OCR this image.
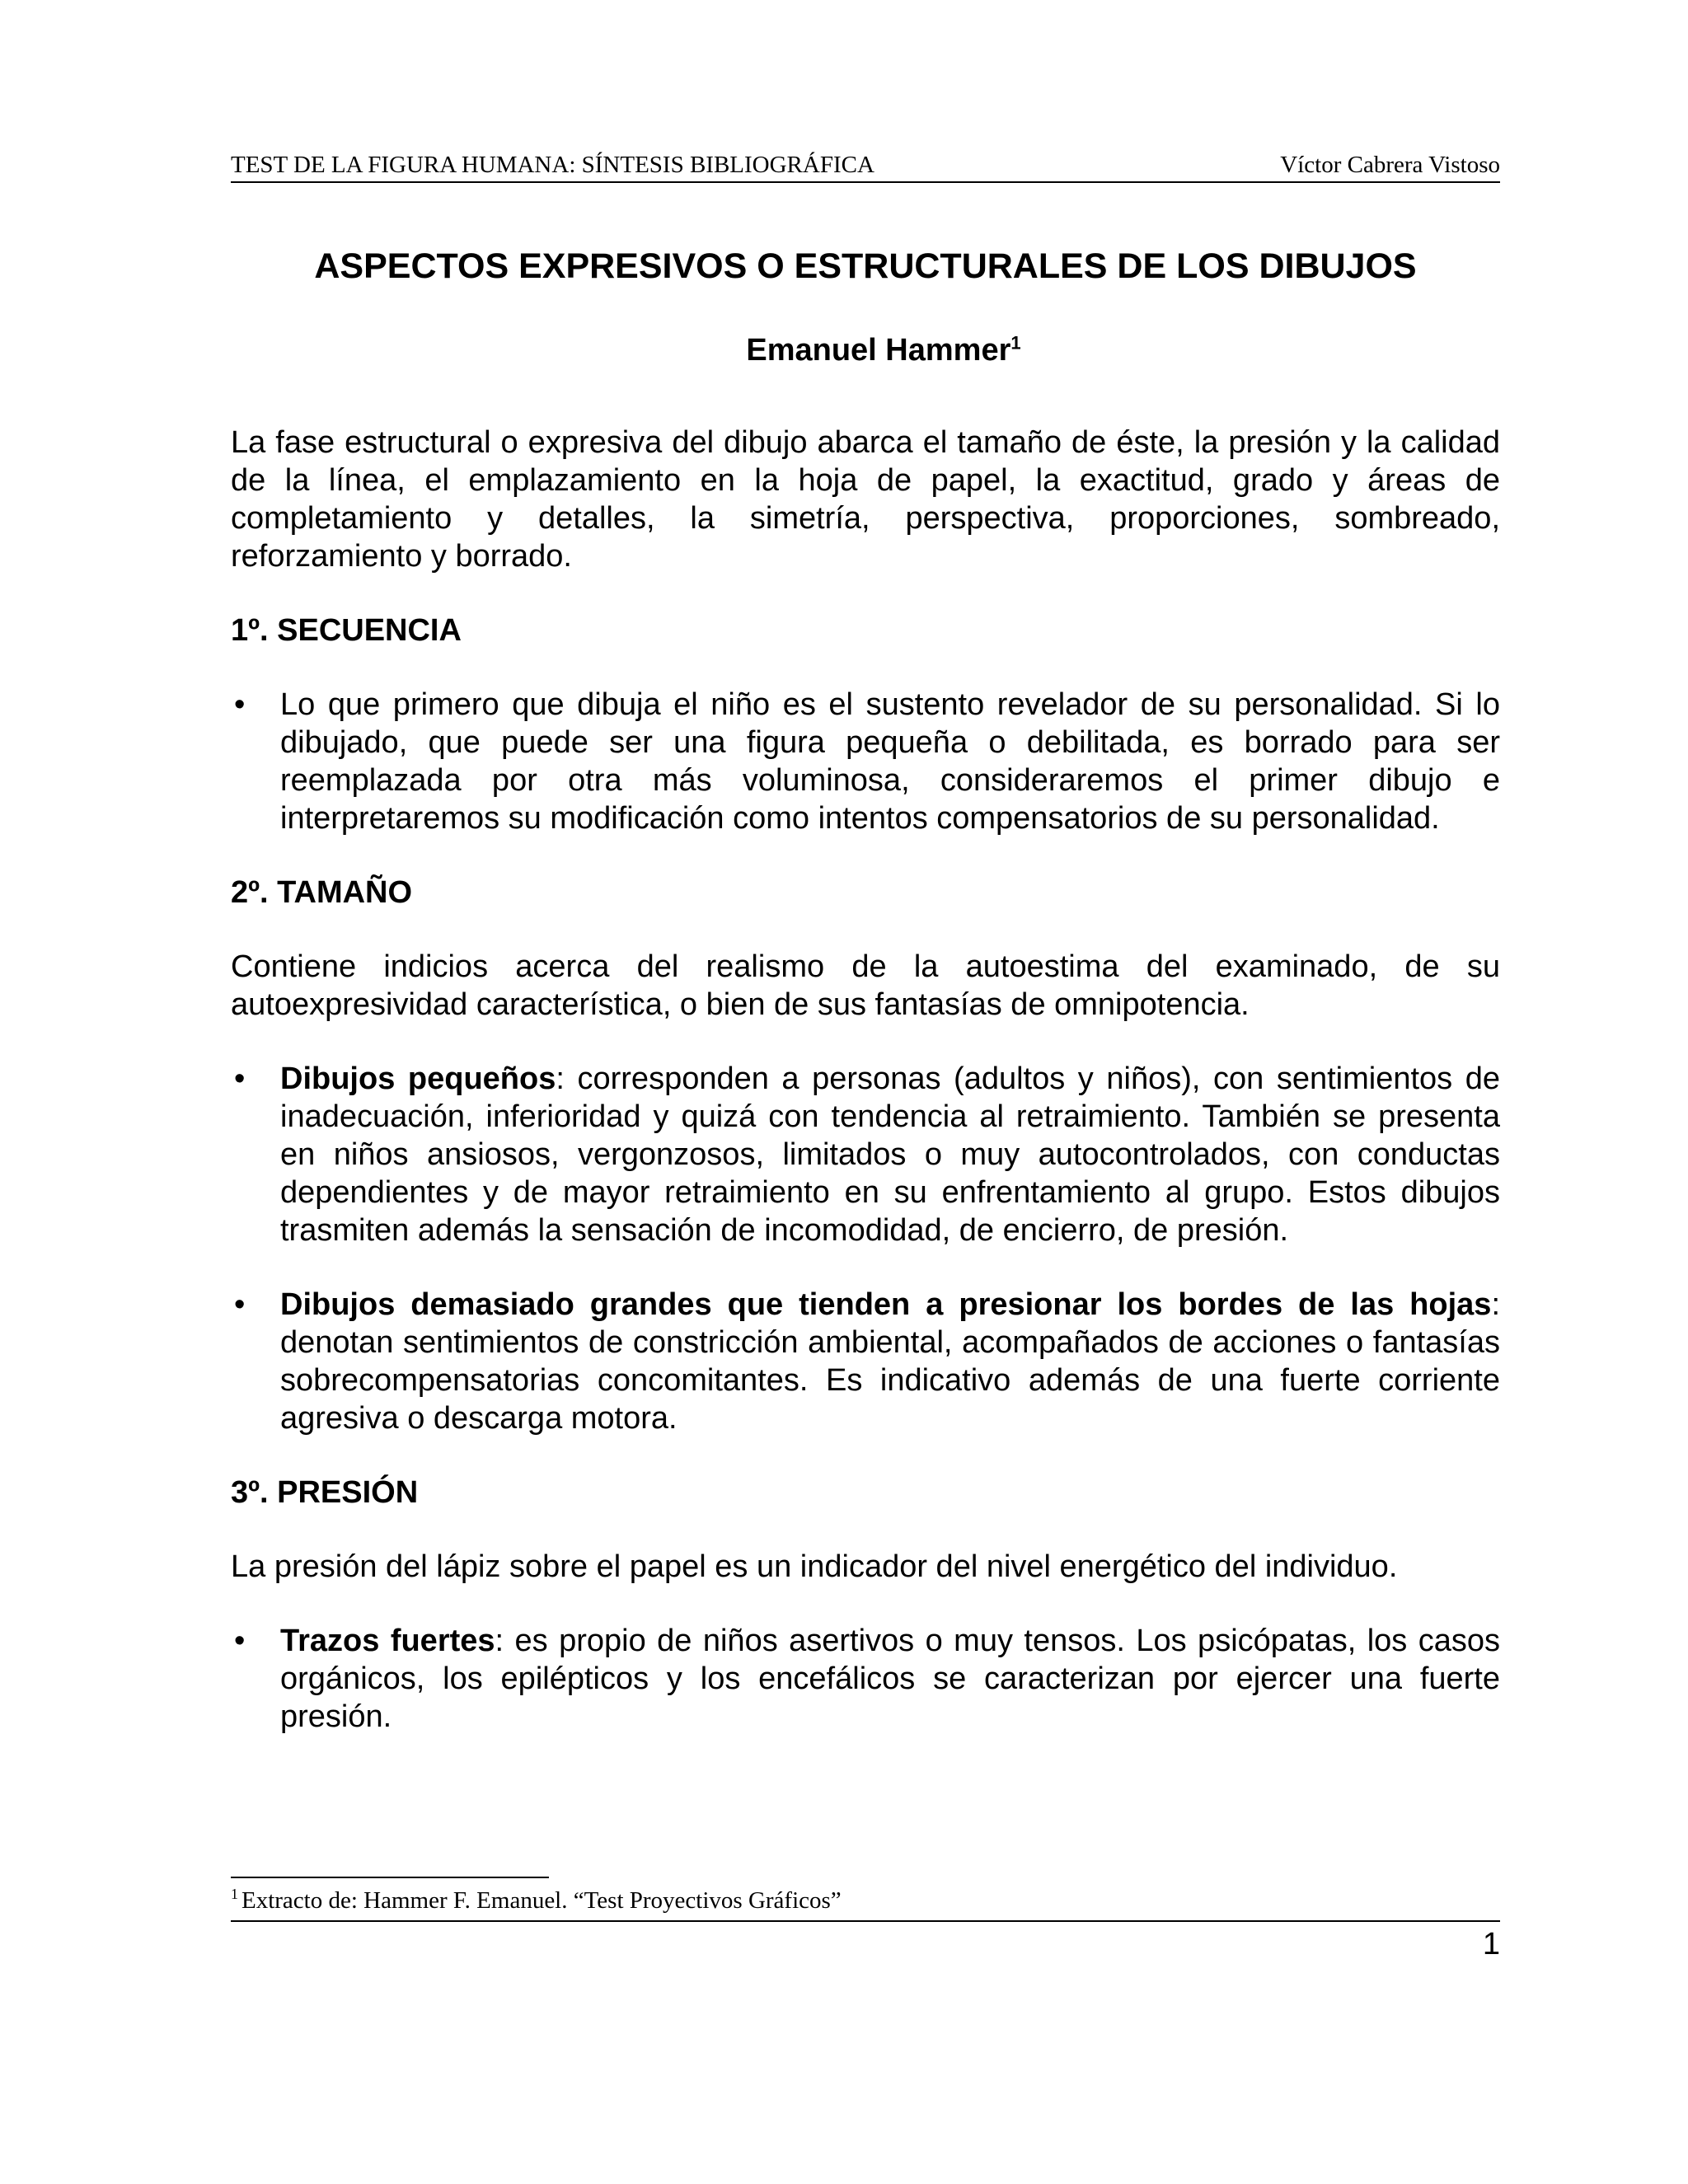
TEST DE LA FIGURA HUMANA: SÍNTESIS BIBLIOGRÁFICA	Víctor Cabrera Vistoso
ASPECTOS EXPRESIVOS O ESTRUCTURALES DE LOS DIBUJOS
Emanuel Hammer$^1$

La fase estructural o expresiva del dibujo abarca el tamaño de éste, la presión y la calidad de la línea, el emplazamiento en la hoja de papel, la exactitud, grado y áreas de completamiento y detalles, la simetría, perspectiva, proporciones, sombreado, reforzamiento y borrado.

1º. SECUENCIA
•	Lo que primero que dibuja el niño es el sustento revelador de su personalidad. Si lo dibujado, que puede ser una figura pequeña o debilitada, es borrado para ser reemplazada por otra más voluminosa, consideraremos el primer dibujo e interpretaremos su modificación como intentos compensatorios de su personalidad.
2º. TAMAÑO

Contiene indicios acerca del realismo de la autoestima del examinado, de su autoexpresividad característica, o bien de sus fantasías de omnipotencia.

•	Dibujos pequeños: corresponden a personas (adultos y niños), con sentimientos de inadecuación, inferioridad y quizá con tendencia al retraimiento. También se presenta en niños ansiosos, vergonzosos, limitados o muy autocontrolados, con conductas dependientes y de mayor retraimiento en su enfrentamiento al grupo. Estos dibujos trasmiten además la sensación de incomodidad, de encierro, de presión.
•	Dibujos demasiado grandes que tienden a presionar los bordes de las hojas: denotan sentimientos de constricción ambiental, acompañados de acciones o fantasías sobrecompensatorias concomitantes. Es indicativo además de una fuerte corriente agresiva o descarga motora.
3º. PRESIÓN

La presión del lápiz sobre el papel es un indicador del nivel energético del individuo.

•	Trazos fuertes: es propio de niños asertivos o muy tensos. Los psicópatas, los casos orgánicos, los epilépticos y los encefálicos se caracterizan por ejercer una fuerte presión.
$^1$ Extracto de: Hammer F. Emanuel. “Test Proyectivos Gráficos”
1
